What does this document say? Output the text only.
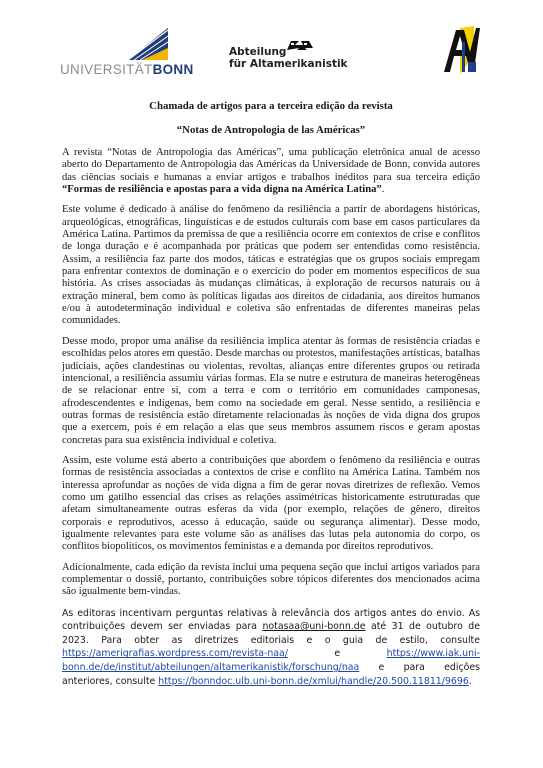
UNIVERSITÄTBONN
Abteilung
für Altamerikanistik

Chamada de artigos para a terceira edição da revista

“Notas de Antropologia de las Américas”

A revista “Notas de Antropologia das Américas”, uma publicação eletrônica anual de acesso aberto do Departamento de Antropologia das Américas da Universidade de Bonn, convida autores das ciências sociais e humanas a enviar artigos e trabalhos inéditos para sua terceira edição “Formas de resiliência e apostas para a vida digna na América Latina”.

Este volume é dedicado à análise do fenômeno da resiliência a partir de abordagens históricas, arqueológicas, etnográficas, linguísticas e de estudos culturais com base em casos particulares da América Latina. Partimos da premissa de que a resiliência ocorre em contextos de crise e conflitos de longa duração e é acompanhada por práticas que podem ser entendidas como resistência. Assim, a resiliência faz parte dos modos, táticas e estratégias que os grupos sociais empregam para enfrentar contextos de dominação e o exercício do poder em momentos específicos de sua história. As crises associadas às mudanças climáticas, à exploração de recursos naturais ou à extração mineral, bem como às políticas ligadas aos direitos de cidadania, aos direitos humanos e/ou à autodeterminação individual e coletiva são enfrentadas de diferentes maneiras pelas comunidades.

Desse modo, propor uma análise da resiliência implica atentar às formas de resistência criadas e escolhidas pelos atores em questão. Desde marchas ou protestos, manifestações artísticas, batalhas judiciais, ações clandestinas ou violentas, revoltas, alianças entre diferentes grupos ou retirada intencional, a resiliência assumiu várias formas. Ela se nutre e estrutura de maneiras heterogêneas de se relacionar entre si, com a terra e com o território em comunidades camponesas, afrodescendentes e indígenas, bem como na sociedade em geral. Nesse sentido, a resiliência e outras formas de resistência estão diretamente relacionadas às noções de vida digna dos grupos que a exercem, pois é em relação a elas que seus membros assumem riscos e geram apostas concretas para sua existência individual e coletiva.

Assim, este volume está aberto a contribuições que abordem o fenômeno da resiliência e outras formas de resistência associadas a contextos de crise e conflito na América Latina. Também nos interessa aprofundar as noções de vida digna a fim de gerar novas diretrizes de reflexão. Vemos como um gatilho essencial das crises as relações assimétricas historicamente estruturadas que afetam simultaneamente outras esferas da vida (por exemplo, relações de gênero, direitos corporais e reprodutivos, acesso à educação, saúde ou segurança alimentar). Desse modo, igualmente relevantes para este volume são as análises das lutas pela autonomia do corpo, os conflitos biopolíticos, os movimentos feministas e a demanda por direitos reprodutivos.

Adicionalmente, cada edição da revista inclui uma pequena seção que inclui artigos variados para complementar o dossiê, portanto, contribuições sobre tópicos diferentes dos mencionados acima são igualmente bem-vindas.

As editoras incentivam perguntas relativas à relevância dos artigos antes do envio. As contribuições devem ser enviadas para notasaa@uni-bonn.de até 31 de outubro de 2023. Para obter as diretrizes editoriais e o guia de estilo, consulte https://amerigrafias.wordpress.com/revista-naa/ e https://www.iak.uni-bonn.de/de/institut/abteilungen/altamerikanistik/forschung/naa e para edições anteriores, consulte https://bonndoc.ulb.uni-bonn.de/xmlui/handle/20.500.11811/9696.
